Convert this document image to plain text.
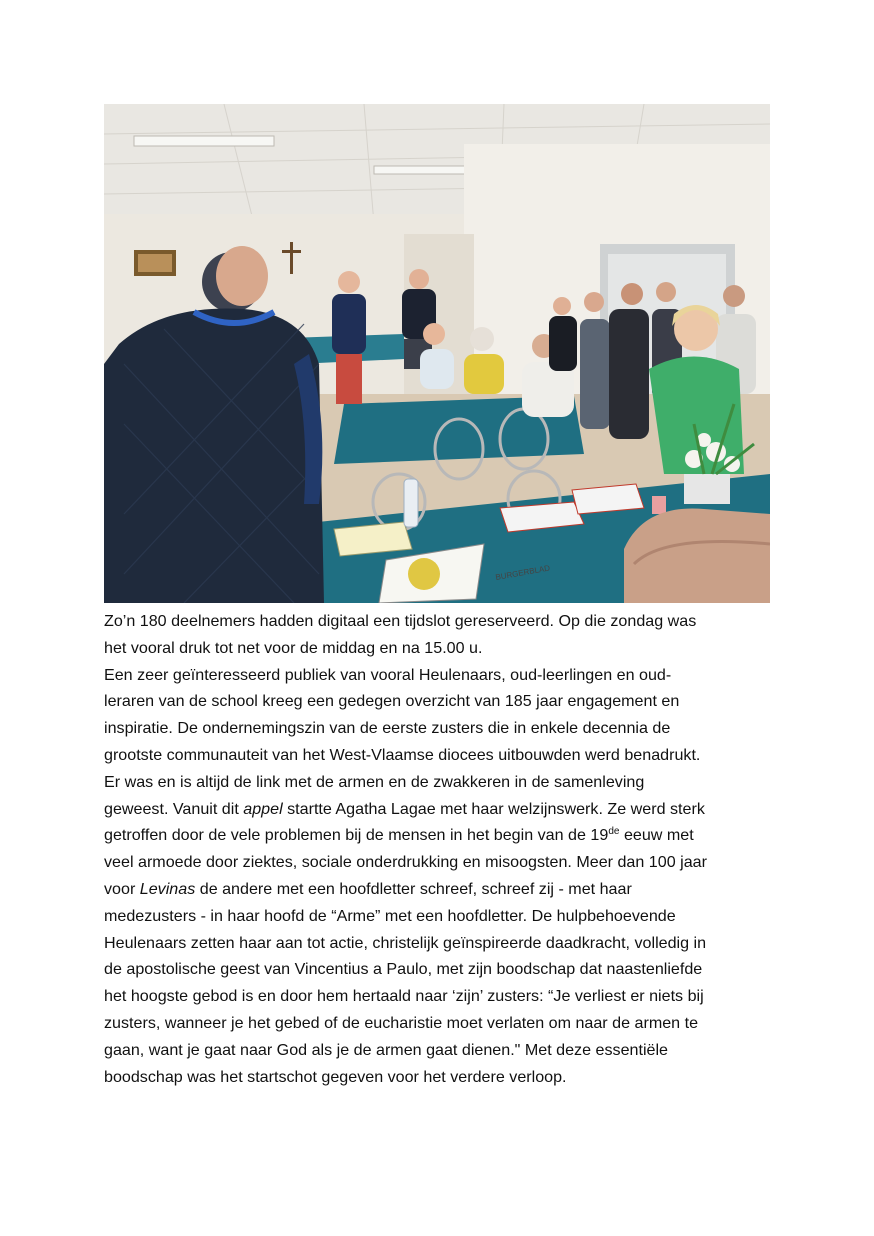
BURGERBLAD

Zo’n 180 deelnemers hadden digitaal een tijdslot gereserveerd. Op die zondag was
het vooral druk tot net voor de middag en na 15.00 u.

Een zeer geïnteresseerd publiek van vooral Heulenaars, oud-leerlingen en oud-
leraren van de school kreeg een gedegen overzicht van 185 jaar engagement en
inspiratie. De ondernemingszin van de eerste zusters die in enkele decennia de
grootste communauteit van het West-Vlaamse diocees uitbouwden werd benadrukt.
Er was en is altijd de link met de armen en de zwakkeren in de samenleving
geweest. Vanuit dit appel startte Agatha Lagae met haar welzijnswerk. Ze werd sterk
getroffen door de vele problemen bij de mensen in het begin van de 19de eeuw met
veel armoede door ziektes, sociale onderdrukking en misoogsten. Meer dan 100 jaar
voor Levinas de andere met een hoofdletter schreef, schreef zij - met haar
medezusters - in haar hoofd de “Arme” met een hoofdletter. De hulpbehoevende
Heulenaars zetten haar aan tot actie, christelijk geïnspireerde daadkracht, volledig in
de apostolische geest van Vincentius a Paulo, met zijn boodschap dat naastenliefde
het hoogste gebod is en door hem hertaald naar ‘zijn’ zusters: “Je verliest er niets bij
zusters, wanneer je het gebed of de eucharistie moet verlaten om naar de armen te
gaan, want je gaat naar God als je de armen gaat dienen." Met deze essentiële
boodschap was het startschot gegeven voor het verdere verloop.
